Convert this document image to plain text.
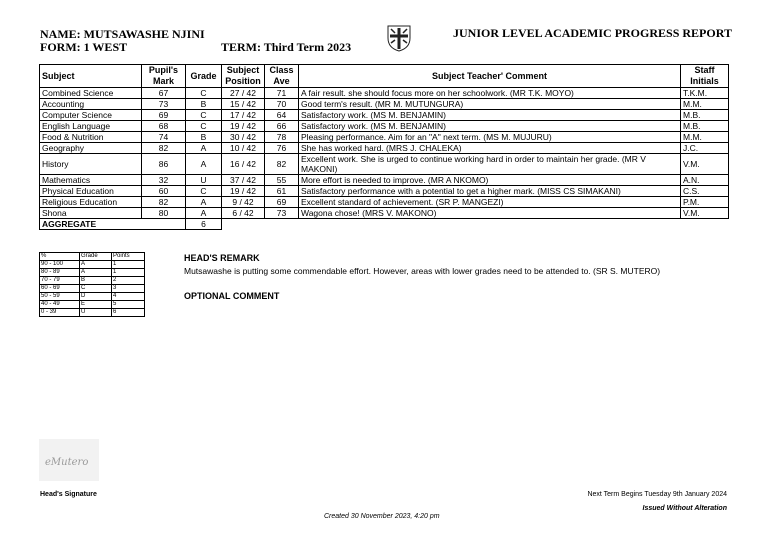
NAME: MUTSAWASHE NJINI
FORM: 1 WEST	TERM: Third Term 2023
JUNIOR LEVEL ACADEMIC PROGRESS REPORT
Subject	Pupil's Mark	Grade	Subject Position	Class Ave	Subject Teacher' Comment	Staff Initials
Combined Science	67	C	27 / 42	71	A fair result. she should focus more on her schoolwork. (MR T.K. MOYO)	T.K.M.
Accounting	73	B	15 / 42	70	Good term's result. (MR M. MUTUNGURA)	M.M.
Computer Science	69	C	17 / 42	64	Satisfactory work. (MS M. BENJAMIN)	M.B.
English Language	68	C	19 / 42	66	Satisfactory work. (MS M. BENJAMIN)	M.B.
Food & Nutrition	74	B	30 / 42	78	Pleasing performance. Aim for an "A" next term. (MS M. MUJURU)	M.M.
Geography	82	A	10 / 42	76	She has worked hard. (MRS J. CHALEKA)	J.C.
History	86	A	16 / 42	82	Excellent work. She is urged to continue working hard in order to maintain her grade. (MR V MAKONI)	V.M.
Mathematics	32	U	37 / 42	55	More effort is needed to improve. (MR A NKOMO)	A.N.
Physical Education	60	C	19 / 42	61	Satisfactory performance with a potential to get a higher mark. (MISS CS SIMAKANI)	C.S.
Religious Education	82	A	9 / 42	69	Excellent standard of achievement. (SR P. MANGEZI)	P.M.
Shona	80	A	6 / 42	73	Wagona chose! (MRS V. MAKONO)	V.M.
AGGREGATE		6				
%	Grade	Points
90 - 100	A	1
80 - 89	A	1
70 - 79	B	2
60 - 69	C	3
50 - 59	D	4
40 - 49	E	5
0 - 39	U	6
HEAD'S REMARK
Mutsawashe is putting some commendable effort. However, areas with lower grades need to be attended to. (SR S. MUTERO)
OPTIONAL COMMENT
eMutero
Head's Signature	Next Term Begins Tuesday 9th January 2024
Issued Without Alteration
Created 30 November 2023, 4:20 pm
